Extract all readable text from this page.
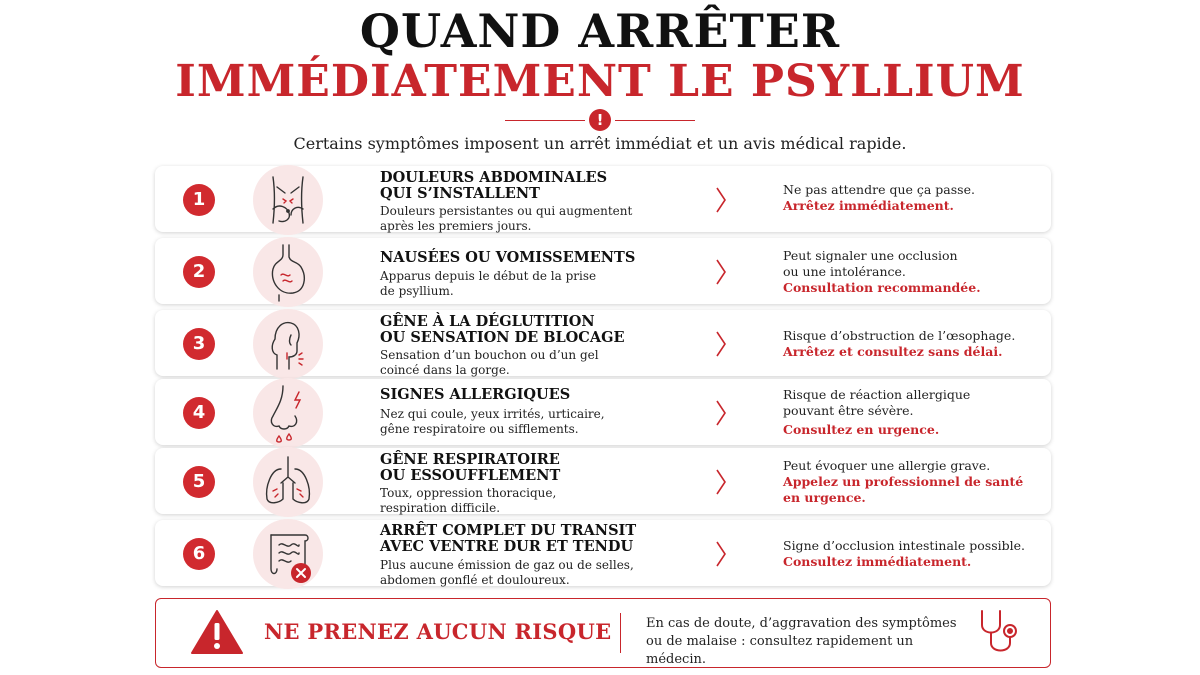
QUAND ARRÊTER
IMMÉDIATEMENT LE PSYLLIUM
!
Certains symptômes imposent un arrêt immédiat et un avis médical rapide.
1
DOULEURS ABDOMINALES
QUI S’INSTALLENT
Douleurs persistantes ou qui augmentent
après les premiers jours.
Ne pas attendre que ça passe.
Arrêtez immédiatement.
2
NAUSÉES OU VOMISSEMENTS
Apparus depuis le début de la prise
de psyllium.
Peut signaler une occlusion
ou une intolérance.
Consultation recommandée.
3
GÊNE À LA DÉGLUTITION
OU SENSATION DE BLOCAGE
Sensation d’un bouchon ou d’un gel
coincé dans la gorge.
Risque d’obstruction de l’œsophage.
Arrêtez et consultez sans délai.
4
SIGNES ALLERGIQUES
Nez qui coule, yeux irrités, urticaire,
gêne respiratoire ou sifflements.
Risque de réaction allergique
pouvant être sévère.
Consultez en urgence.
5
GÊNE RESPIRATOIRE
OU ESSOUFFLEMENT
Toux, oppression thoracique,
respiration difficile.
Peut évoquer une allergie grave.
Appelez un professionnel de santé
en urgence.
6
ARRÊT COMPLET DU TRANSIT
AVEC VENTRE DUR ET TENDU
Plus aucune émission de gaz ou de selles,
abdomen gonflé et douloureux.
Signe d’occlusion intestinale possible.
Consultez immédiatement.
NE PRENEZ AUCUN RISQUE	En cas de doute, d’aggravation des symptômes
ou de malaise : consultez rapidement un médecin.
